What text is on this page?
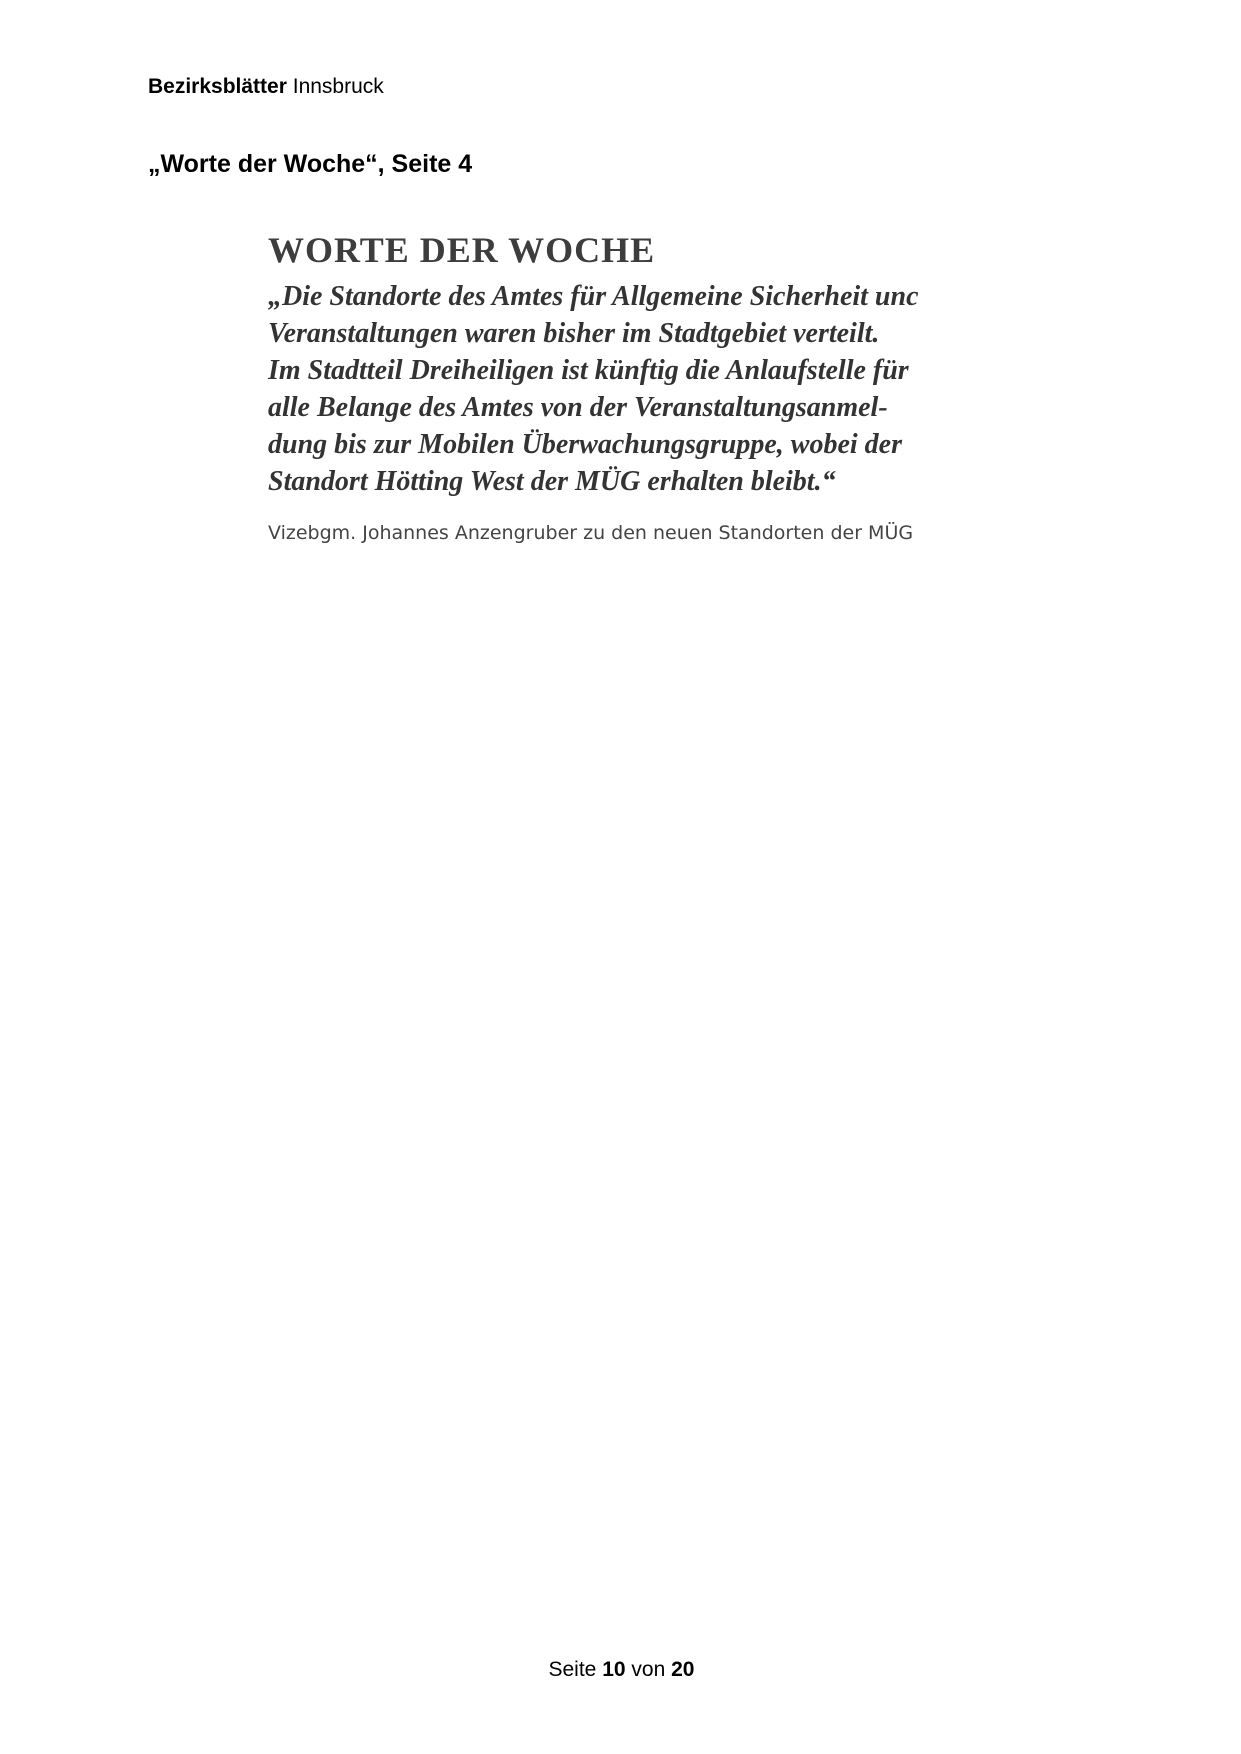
Bezirksblätter Innsbruck
„Worte der Woche“, Seite 4
WORTE DER WOCHE
„Die Standorte des Amtes für Allgemeine Sicherheit unc
Veranstaltungen waren bisher im Stadtgebiet verteilt.
Im Stadtteil Dreiheiligen ist künftig die Anlaufstelle für
alle Belange des Amtes von der Veranstaltungsanmel-
dung bis zur Mobilen Überwachungsgruppe, wobei der
Standort Hötting West der MÜG erhalten bleibt.“
Vizebgm. Johannes Anzengruber zu den neuen Standorten der MÜG
Seite 10 von 20
